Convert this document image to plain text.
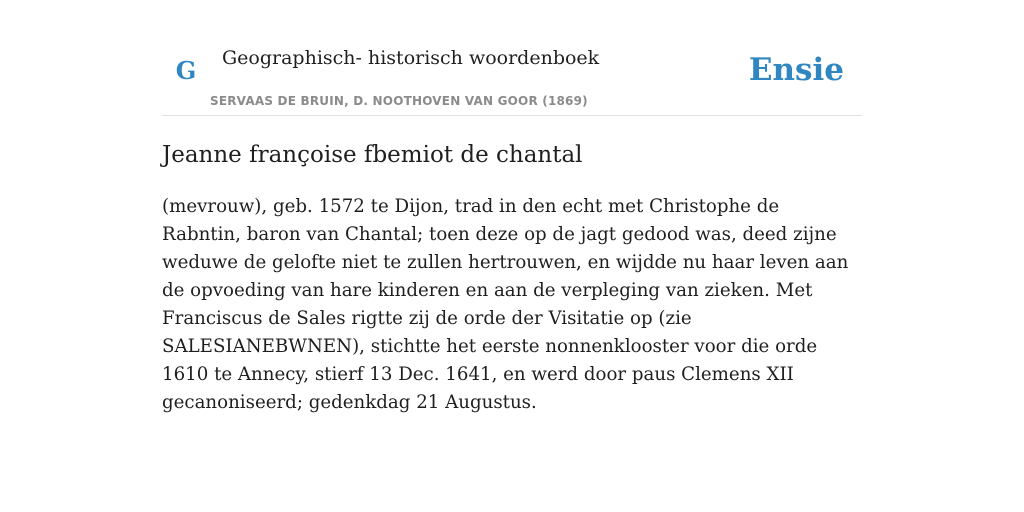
G	Geographisch- historisch woordenboek
SERVAAS DE BRUIN, D. NOOTHOVEN VAN GOOR (1869)
Ensie
Jeanne françoise fbemiot de chantal

(mevrouw), geb. 1572 te Dijon, trad in den echt met Christophe de Rabntin, baron van Chantal; toen deze op de jagt gedood was, deed zijne weduwe de gelofte niet te zullen hertrouwen, en wijdde nu haar leven aan de opvoeding van hare kinderen en aan de verpleging van zieken. Met Franciscus de Sales rigtte zij de orde der Visitatie op (zie SALESIANEBWNEN), stichtte het eerste nonnenklooster voor die orde 1610 te Annecy, stierf 13 Dec. 1641, en werd door paus Clemens XII gecanoniseerd; gedenkdag 21 Augustus.
